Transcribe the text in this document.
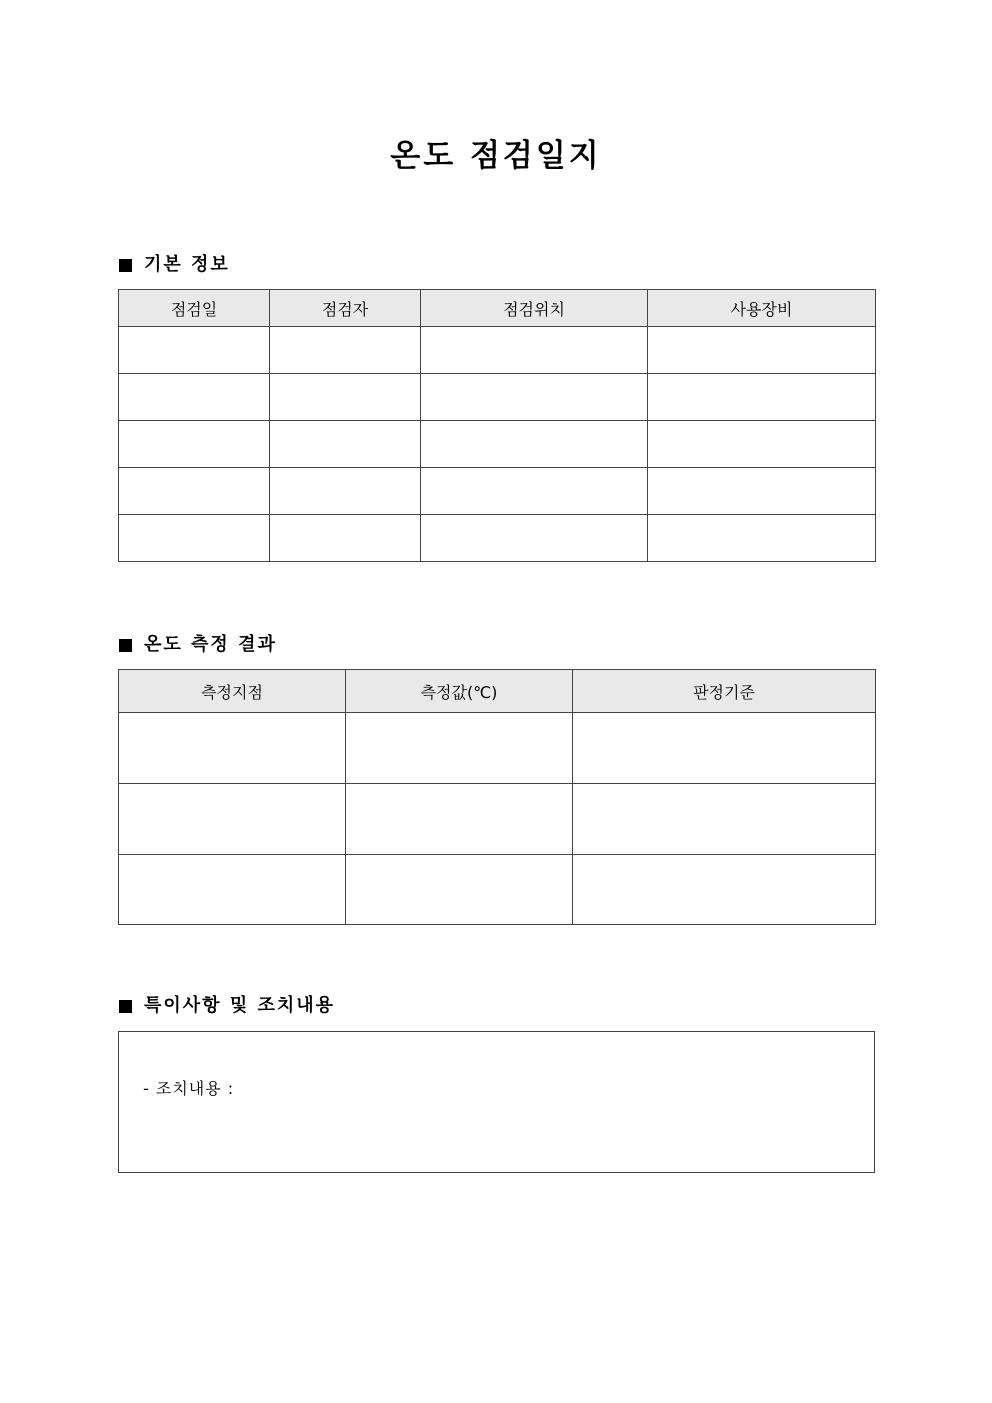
온도 점검일지
기본 정보
점검일	점검자	점검위치	사용장비

온도 측정 결과
측정지점	측정값(℃)	판정기준

특이사항 및 조치내용
- 조치내용 :
